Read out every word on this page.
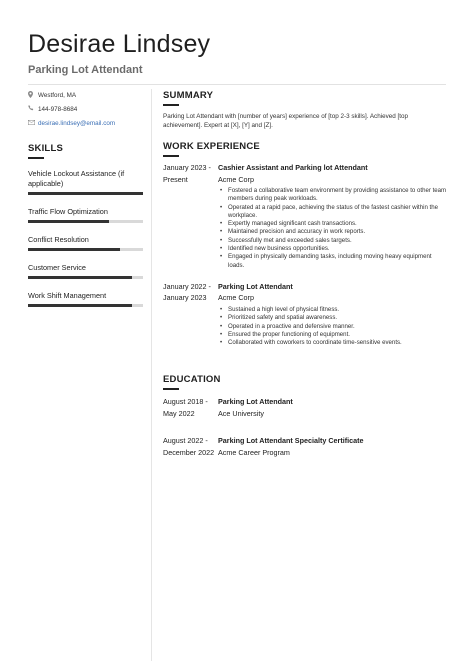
Desirae Lindsey
Parking Lot Attendant
Westford, MA
144-978-8684
desirae.lindsey@email.com
SKILLS
Vehicle Lockout Assistance (if applicable)
Traffic Flow Optimization
Conflict Resolution
Customer Service
Work Shift Management
SUMMARY
Parking Lot Attendant with [number of years] experience of [top 2-3 skills]. Achieved [top achievement]. Expert at [X], [Y] and [Z].
WORK EXPERIENCE
January 2023 - Present
Cashier Assistant and Parking lot Attendant
Acme Corp
• Fostered a collaborative team environment by providing assistance to other team members during peak workloads.
• Operated at a rapid pace, achieving the status of the fastest cashier within the workplace.
• Expertly managed significant cash transactions.
• Maintained precision and accuracy in work reports.
• Successfully met and exceeded sales targets.
• Identified new business opportunities.
• Engaged in physically demanding tasks, including moving heavy equipment loads.
January 2022 - January 2023
Parking Lot Attendant
Acme Corp
• Sustained a high level of physical fitness.
• Prioritized safety and spatial awareness.
• Operated in a proactive and defensive manner.
• Ensured the proper functioning of equipment.
• Collaborated with coworkers to coordinate time-sensitive events.
EDUCATION
August 2018 - May 2022
Parking Lot Attendant
Ace University
August 2022 - December 2022
Parking Lot Attendant Specialty Certificate
Acme Career Program
